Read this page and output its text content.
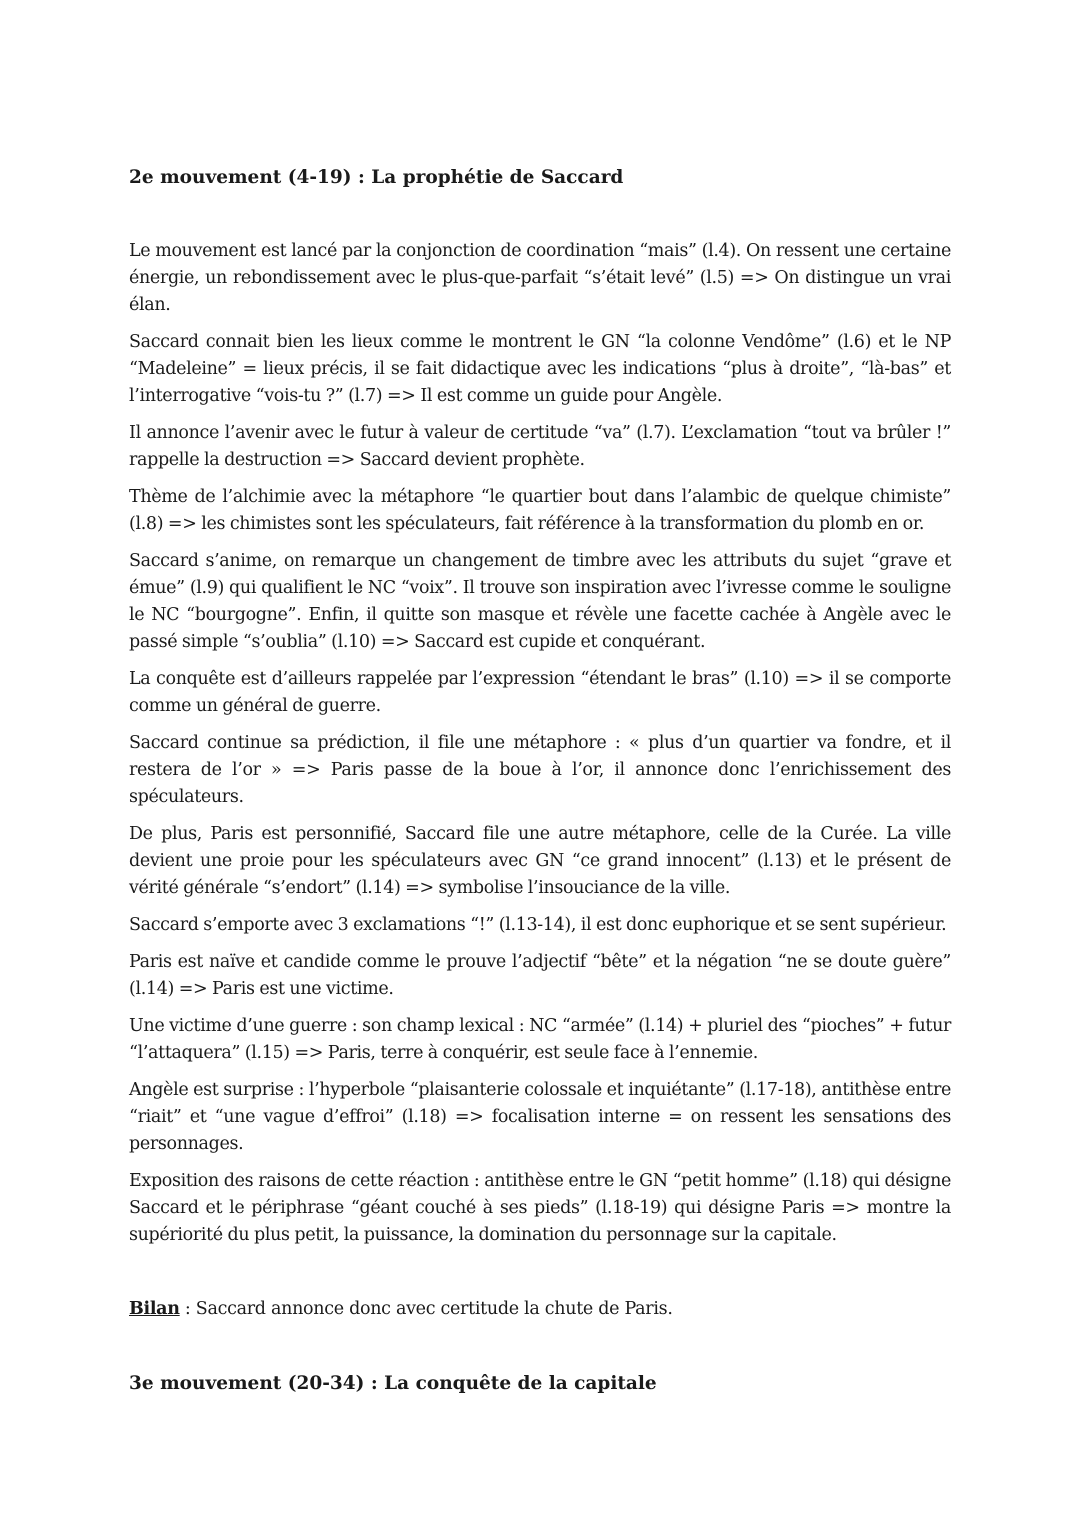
2e mouvement (4-19) : La prophétie de Saccard

Le mouvement est lancé par la conjonction de coordination “mais” (l.4). On ressent une certaine énergie, un rebondissement avec le plus-que-parfait “s’était levé” (l.5) => On distingue un vrai élan.

Saccard connait bien les lieux comme le montrent le GN “la colonne Vendôme” (l.6) et le NP “Madeleine” = lieux précis, il se fait didactique avec les indications “plus à droite”, “là-bas” et l’interrogative “vois-tu ?” (l.7) => Il est comme un guide pour Angèle.

Il annonce l’avenir avec le futur à valeur de certitude “va” (l.7). L’exclamation “tout va brûler !” rappelle la destruction => Saccard devient prophète.

Thème de l’alchimie avec la métaphore “le quartier bout dans l’alambic de quelque chimiste” (l.8) => les chimistes sont les spéculateurs, fait référence à la transformation du plomb en or.

Saccard s’anime, on remarque un changement de timbre avec les attributs du sujet “grave et émue” (l.9) qui qualifient le NC “voix”. Il trouve son inspiration avec l’ivresse comme le souligne le NC “bourgogne”. Enfin, il quitte son masque et révèle une facette cachée à Angèle avec le passé simple “s’oublia” (l.10) => Saccard est cupide et conquérant.

La conquête est d’ailleurs rappelée par l’expression “étendant le bras” (l.10) => il se comporte comme un général de guerre.

Saccard continue sa prédiction, il file une métaphore : « plus d’un quartier va fondre, et il restera de l’or » => Paris passe de la boue à l’or, il annonce donc l’enrichissement des spéculateurs.

De plus, Paris est personnifié, Saccard file une autre métaphore, celle de la Curée. La ville devient une proie pour les spéculateurs avec GN “ce grand innocent” (l.13) et le présent de vérité générale “s’endort” (l.14) => symbolise l’insouciance de la ville.

Saccard s’emporte avec 3 exclamations “!” (l.13-14), il est donc euphorique et se sent supérieur.

Paris est naïve et candide comme le prouve l’adjectif “bête” et la négation “ne se doute guère” (l.14) => Paris est une victime.

Une victime d’une guerre : son champ lexical : NC “armée” (l.14) + pluriel des “pioches” + futur “l’attaquera” (l.15) => Paris, terre à conquérir, est seule face à l’ennemie.

Angèle est surprise : l’hyperbole “plaisanterie colossale et inquiétante” (l.17-18), antithèse entre “riait” et “une vague d’effroi” (l.18) => focalisation interne = on ressent les sensations des personnages.

Exposition des raisons de cette réaction : antithèse entre le GN “petit homme” (l.18) qui désigne Saccard et le périphrase “géant couché à ses pieds” (l.18-19) qui désigne Paris => montre la supériorité du plus petit, la puissance, la domination du personnage sur la capitale.

Bilan : Saccard annonce donc avec certitude la chute de Paris.

3e mouvement (20-34) : La conquête de la capitale
